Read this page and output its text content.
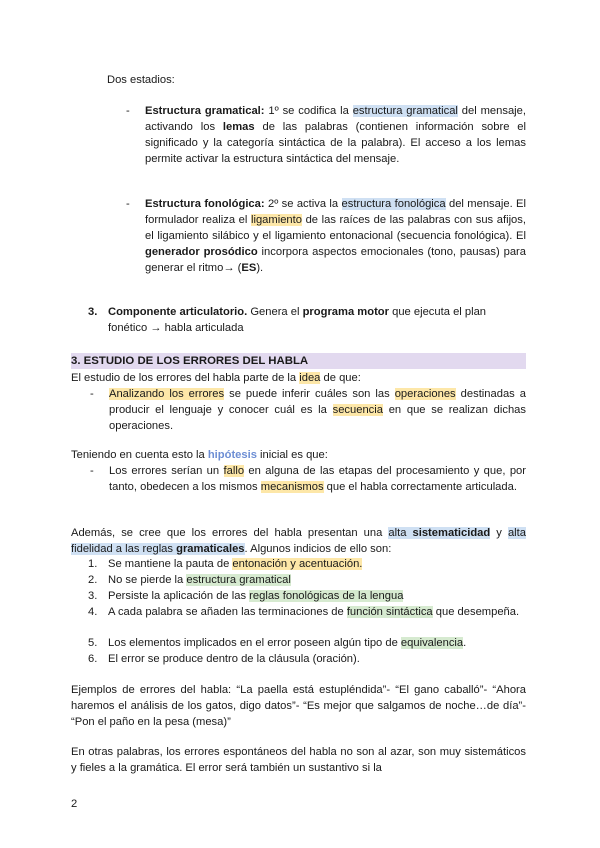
Dos estadios:

-	Estructura gramatical: 1º se codifica la estructura gramatical del mensaje, activando los lemas de las palabras (contienen información sobre el significado y la categoría sintáctica de la palabra). El acceso a los lemas permite activar la estructura sintáctica del mensaje.

-	Estructura fonológica: 2º se activa la estructura fonológica del mensaje. El formulador realiza el ligamiento de las raíces de las palabras con sus afijos, el ligamiento silábico y el ligamiento entonacional (secuencia fonológica). El generador prosódico incorpora aspectos emocionales (tono, pausas) para generar el ritmo→ (ES).

3. Componente articulatorio. Genera el programa motor que ejecuta el plan fonético → habla articulada

3. ESTUDIO DE LOS ERRORES DEL HABLA

El estudio de los errores del habla parte de la idea de que:

-	Analizando los errores se puede inferir cuáles son las operaciones destinadas a producir el lenguaje y conocer cuál es la secuencia en que se realizan dichas operaciones.

Teniendo en cuenta esto la hipótesis inicial es que:

-	Los errores serían un fallo en alguna de las etapas del procesamiento y que, por tanto, obedecen a los mismos mecanismos que el habla correctamente articulada.

Además, se cree que los errores del habla presentan una alta sistematicidad y alta fidelidad a las reglas gramaticales. Algunos indicios de ello son:

1. Se mantiene la pauta de entonación y acentuación.

2. No se pierde la estructura gramatical

3. Persiste la aplicación de las reglas fonológicas de la lengua

4. A cada palabra se añaden las terminaciones de función sintáctica que desempeña.

5. Los elementos implicados en el error poseen algún tipo de equivalencia.

6. El error se produce dentro de la cláusula (oración).

Ejemplos de errores del habla: “La paella está estupléndida”- “El gano caballó”- “Ahora haremos el análisis de los gatos, digo datos”- “Es mejor que salgamos de noche…de día”- “Pon el paño en la pesa (mesa)”

En otras palabras, los errores espontáneos del habla no son al azar, son muy sistemáticos y fieles a la gramática. El error será también un sustantivo si la

2
